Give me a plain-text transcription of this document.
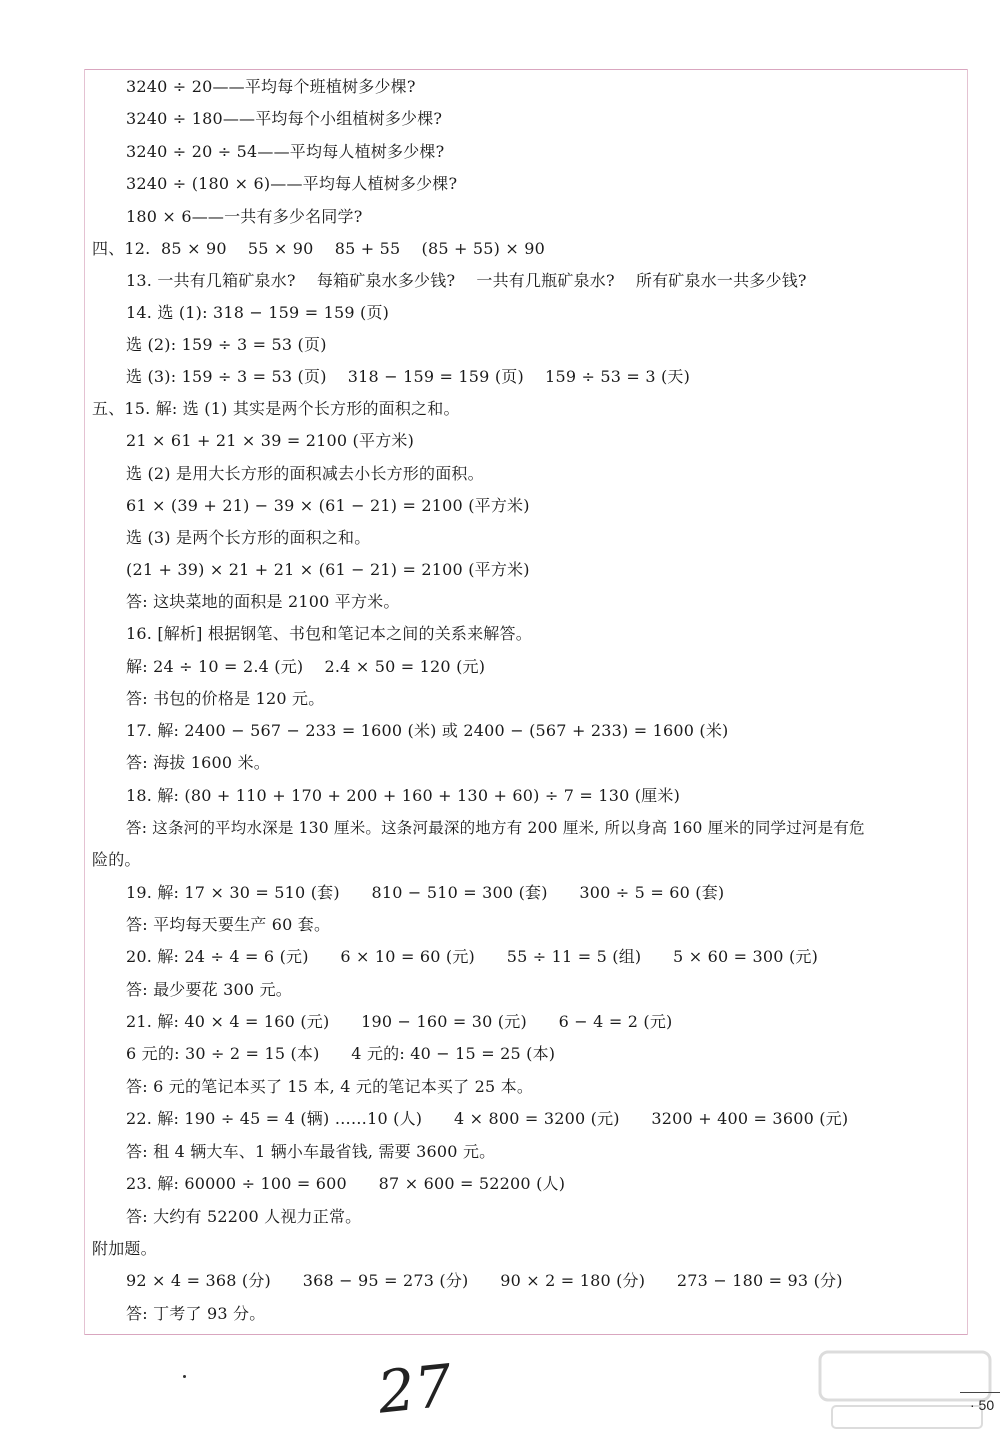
3240 ÷ 20——平均每个班植树多少棵?
3240 ÷ 180——平均每个小组植树多少棵?
3240 ÷ 20 ÷ 54——平均每人植树多少棵?
3240 ÷ (180 × 6)——平均每人植树多少棵?
180 × 6——一共有多少名同学?
四、12.  85 × 90    55 × 90    85 + 55    (85 + 55) × 90
13. 一共有几箱矿泉水?    每箱矿泉水多少钱?    一共有几瓶矿泉水?    所有矿泉水一共多少钱?
14. 选 (1): 318 − 159 = 159 (页)
选 (2): 159 ÷ 3 = 53 (页)
选 (3): 159 ÷ 3 = 53 (页)    318 − 159 = 159 (页)    159 ÷ 53 = 3 (天)
五、15. 解: 选 (1) 其实是两个长方形的面积之和。
21 × 61 + 21 × 39 = 2100 (平方米)
选 (2) 是用大长方形的面积减去小长方形的面积。
61 × (39 + 21) − 39 × (61 − 21) = 2100 (平方米)
选 (3) 是两个长方形的面积之和。
(21 + 39) × 21 + 21 × (61 − 21) = 2100 (平方米)
答: 这块菜地的面积是 2100 平方米。
16. [解析] 根据钢笔、书包和笔记本之间的关系来解答。
解: 24 ÷ 10 = 2.4 (元)    2.4 × 50 = 120 (元)
答: 书包的价格是 120 元。
17. 解: 2400 − 567 − 233 = 1600 (米) 或 2400 − (567 + 233) = 1600 (米)
答: 海拔 1600 米。
18. 解: (80 + 110 + 170 + 200 + 160 + 130 + 60) ÷ 7 = 130 (厘米)
答: 这条河的平均水深是 130 厘米。这条河最深的地方有 200 厘米, 所以身高 160 厘米的同学过河是有危
险的。
19. 解: 17 × 30 = 510 (套)      810 − 510 = 300 (套)      300 ÷ 5 = 60 (套)
答: 平均每天要生产 60 套。
20. 解: 24 ÷ 4 = 6 (元)      6 × 10 = 60 (元)      55 ÷ 11 = 5 (组)      5 × 60 = 300 (元)
答: 最少要花 300 元。
21. 解: 40 × 4 = 160 (元)      190 − 160 = 30 (元)      6 − 4 = 2 (元)
6 元的: 30 ÷ 2 = 15 (本)      4 元的: 40 − 15 = 25 (本)
答: 6 元的笔记本买了 15 本, 4 元的笔记本买了 25 本。
22. 解: 190 ÷ 45 = 4 (辆) ……10 (人)      4 × 800 = 3200 (元)      3200 + 400 = 3600 (元)
答: 租 4 辆大车、1 辆小车最省钱, 需要 3600 元。
23. 解: 60000 ÷ 100 = 600      87 × 600 = 52200 (人)
答: 大约有 52200 人视力正常。
附加题。
92 × 4 = 368 (分)      368 − 95 = 273 (分)      90 × 2 = 180 (分)      273 − 180 = 93 (分)
答: 丁考了 93 分。
27	· 50
